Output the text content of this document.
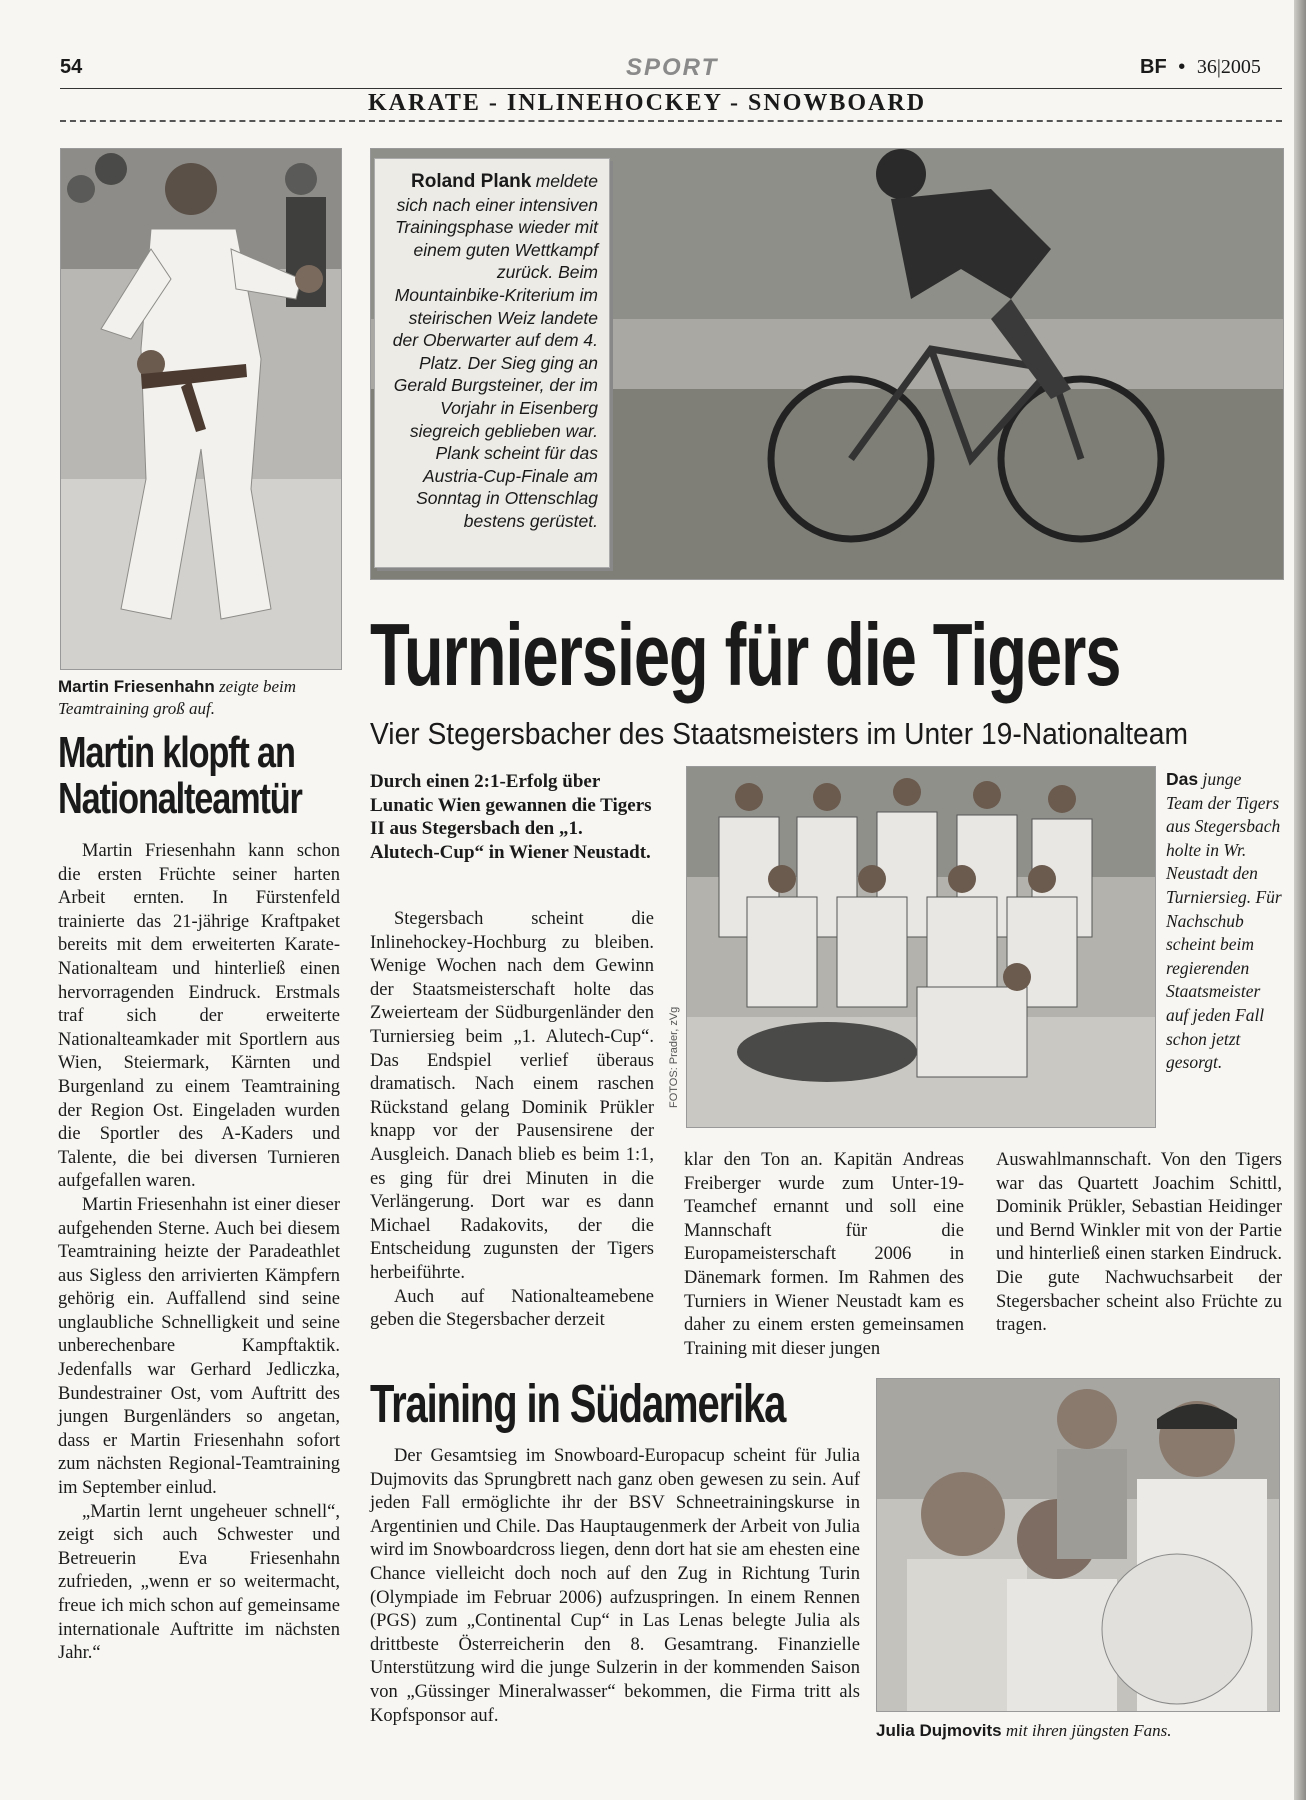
54	SPORT	BF • 36|2005
KARATE - INLINEHOCKEY - SNOWBOARD
Martin Friesenhahn zeigte beim Teamtraining groß auf.
Martin klopft an Nationalteamtür

Martin Friesenhahn kann schon die ersten Früchte seiner harten Arbeit ernten. In Fürstenfeld trainierte das 21-jährige Kraftpaket bereits mit dem erweiterten Karate-Nationalteam und hinterließ einen hervorragenden Eindruck. Erstmals traf sich der erweiterte Nationalteamkader mit Sportlern aus Wien, Steiermark, Kärnten und Burgenland zu einem Teamtraining der Region Ost. Eingeladen wurden die Sportler des A-Kaders und Talente, die bei diversen Turnieren aufgefallen waren.

Martin Friesenhahn ist einer dieser aufgehenden Sterne. Auch bei diesem Teamtraining heizte der Paradeathlet aus Sigless den arrivierten Kämpfern gehörig ein. Auffallend sind seine unglaubliche Schnelligkeit und seine unberechenbare Kampftaktik. Jedenfalls war Gerhard Jedliczka, Bundestrainer Ost, vom Auftritt des jungen Burgenländers so angetan, dass er Martin Friesenhahn sofort zum nächsten Regional-Teamtraining im September einlud.

„Martin lernt ungeheuer schnell“, zeigt sich auch Schwester und Betreuerin Eva Friesenhahn zufrieden, „wenn er so weitermacht, freue ich mich schon auf gemeinsame internationale Auftritte im nächsten Jahr.“

Roland Plank meldete sich nach einer intensiven Trainingsphase wieder mit einem guten Wettkampf zurück. Beim Mountainbike-Kriterium im steirischen Weiz landete der Oberwarter auf dem 4. Platz. Der Sieg ging an Gerald Burgsteiner, der im Vorjahr in Eisenberg siegreich geblieben war. Plank scheint für das Austria-Cup-Finale am Sonntag in Ottenschlag bestens gerüstet.
Turniersieg für die Tigers
Vier Stegersbacher des Staatsmeisters im Unter 19-Nationalteam
Durch einen 2:1-Erfolg über Lunatic Wien gewannen die Tigers II aus Stegersbach den „1. Alutech-Cup“ in Wiener Neustadt.

Stegersbach scheint die Inlinehockey-Hochburg zu bleiben. Wenige Wochen nach dem Gewinn der Staatsmeisterschaft holte das Zweierteam der Südburgenländer den Turniersieg beim „1. Alutech-Cup“. Das Endspiel verlief überaus dramatisch. Nach einem raschen Rückstand gelang Dominik Prükler knapp vor der Pausensirene der Ausgleich. Danach blieb es beim 1:1, es ging für drei Minuten in die Verlängerung. Dort war es dann Michael Radakovits, der die Entscheidung zugunsten der Tigers herbeiführte.

Auch auf Nationalteamebene geben die Stegersbacher derzeit

FOTOS: Prader, zVg
Das junge Team der Tigers aus Stegersbach holte in Wr. Neustadt den Turniersieg. Für Nachschub scheint beim regierenden Staatsmeister auf jeden Fall schon jetzt gesorgt.

klar den Ton an. Kapitän Andreas Freiberger wurde zum Unter-19-Teamchef ernannt und soll eine Mannschaft für die Europameisterschaft 2006 in Dänemark formen. Im Rahmen des Turniers in Wiener Neustadt kam es daher zu einem ersten gemeinsamen Training mit dieser jungen

Auswahlmannschaft. Von den Tigers war das Quartett Joachim Schittl, Dominik Prükler, Sebastian Heidinger und Bernd Winkler mit von der Partie und hinterließ einen starken Eindruck. Die gute Nachwuchsarbeit der Stegersbacher scheint also Früchte zu tragen.

Training in Südamerika

Der Gesamtsieg im Snowboard-Europacup scheint für Julia Dujmovits das Sprungbrett nach ganz oben gewesen zu sein. Auf jeden Fall ermöglichte ihr der BSV Schneetrainingskurse in Argentinien und Chile. Das Hauptaugenmerk der Arbeit von Julia wird im Snowboardcross liegen, denn dort hat sie am ehesten eine Chance vielleicht doch noch auf den Zug in Richtung Turin (Olympiade im Februar 2006) aufzuspringen. In einem Rennen (PGS) zum „Continental Cup“ in Las Lenas belegte Julia als drittbeste Österreicherin den 8. Gesamtrang. Finanzielle Unterstützung wird die junge Sulzerin in der kommenden Saison von „Güssinger Mineralwasser“ bekommen, die Firma tritt als Kopfsponsor auf.

Julia Dujmovits mit ihren jüngsten Fans.
